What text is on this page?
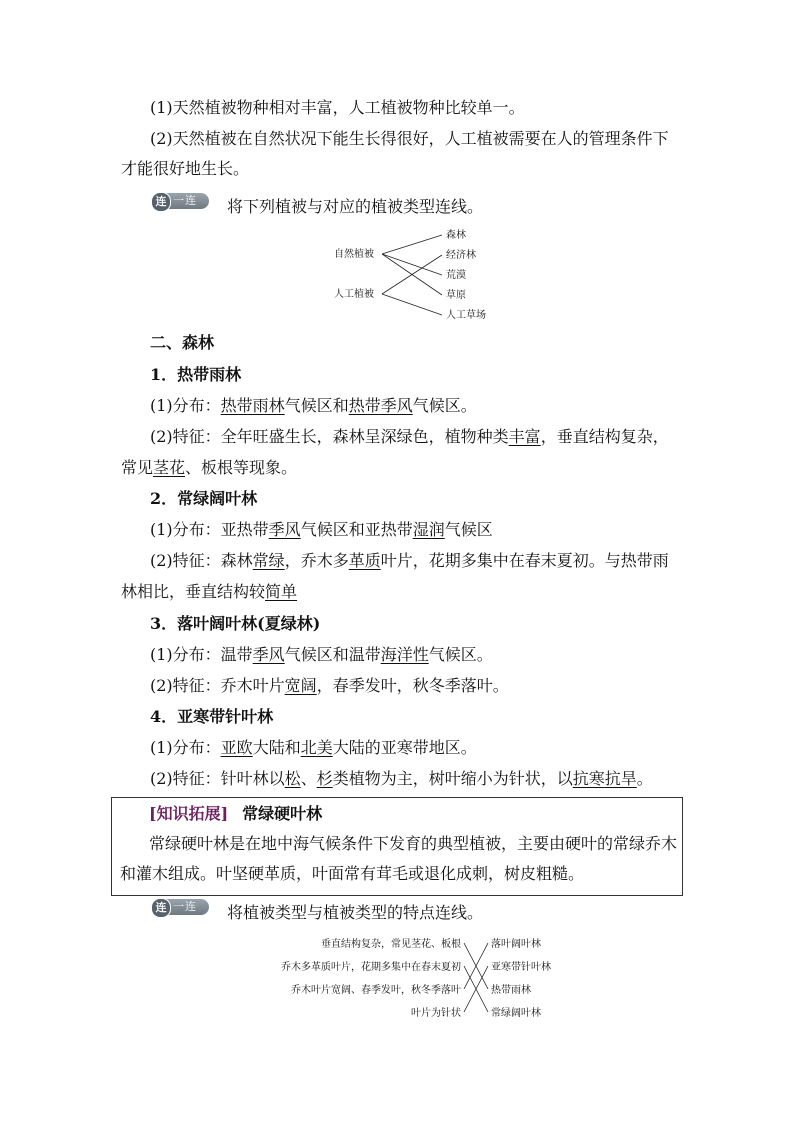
(1)天然植被物种相对丰富，人工植被物种比较单一。
(2)天然植被在自然状况下能生长得很好，人工植被需要在人的管理条件下
才能很好地生长。
连 一连 将下列植被与对应的植被类型连线。
自然植被
人工植被
森林
经济林
荒漠
草原
人工草场
二、森林
1．热带雨林
(1)分布：热带雨林气候区和热带季风气候区。
(2)特征：全年旺盛生长，森林呈深绿色，植物种类丰富，垂直结构复杂，
常见茎花、板根等现象。
2．常绿阔叶林
(1)分布：亚热带季风气候区和亚热带湿润气候区
(2)特征：森林常绿，乔木多革质叶片，花期多集中在春末夏初。与热带雨
林相比，垂直结构较简单
3．落叶阔叶林(夏绿林)
(1)分布：温带季风气候区和温带海洋性气候区。
(2)特征：乔木叶片宽阔，春季发叶，秋冬季落叶。
4．亚寒带针叶林
(1)分布：亚欧大陆和北美大陆的亚寒带地区。
(2)特征：针叶林以松、杉类植物为主，树叶缩小为针状，以抗寒抗旱。
[知识拓展] 常绿硬叶林
常绿硬叶林是在地中海气候条件下发育的典型植被，主要由硬叶的常绿乔木
和灌木组成。叶坚硬革质，叶面常有茸毛或退化成刺，树皮粗糙。
连 一连 将植被类型与植被类型的特点连线。
垂直结构复杂，常见茎花、板根
乔木多革质叶片，花期多集中在春末夏初
乔木叶片宽阔、春季发叶，秋冬季落叶
叶片为针状
落叶阔叶林
亚寒带针叶林
热带雨林
常绿阔叶林
